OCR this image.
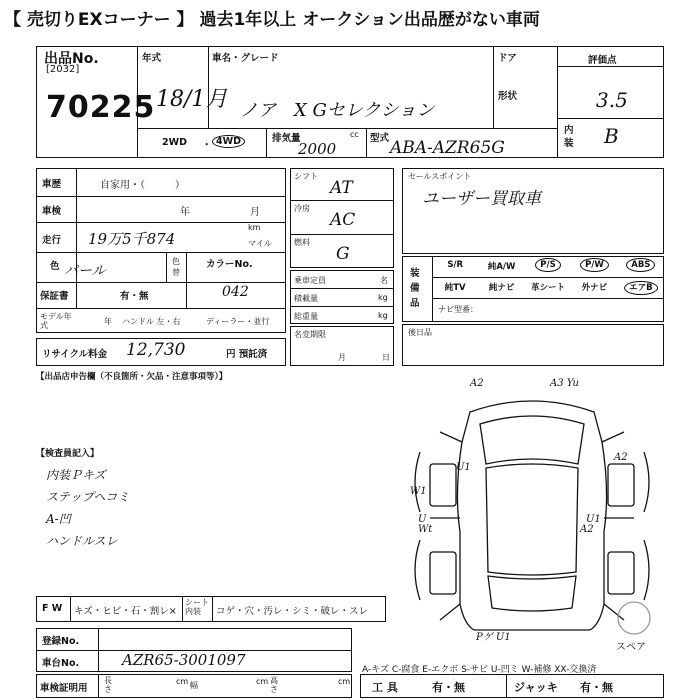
【 売切りEXコーナー 】 過去1年以上 オークション出品歴がない車両
出品No.
[2032]
70225
年式
18/1月
車名・グレード
ノア　X Gセレクション
ドア
形状
評価点
3.5
内装 B
2WD ・ 4WD	排気量	cc
2000
型式 ABA-AZR65G
車歴	自家用・（　　　）
車検	年	月
走行 19万5千874
km
マイル
色 パール
色替
カラーNo.
042
保証書	有・無
モデル年式	年 ハンドル 左・右	ディーラー・並行
シフト
AT
冷房
AC
燃料
G
乗車定員	名
積載量	kg
総重量	kg
名変期限
月	日
セールスポイント
ユーザー買取車
装備品
S/R	純A/W	P/S	P/W	ABS
純TV	純ナビ	革シート	外ナビ	エアB
ナビ型番：
後日品
リサイクル料金 12,730	円 預託済
【出品店申告欄（不良箇所・欠品・注意事項等）】
【検査員記入】
内装Ｐキズ
ステップヘコミ
A-凹
ハンドルスレ
A2	A3 Yu
U1
W1
U
A2
U1
A2
Wt
Pゲ U1
スペア
F W キズ・ヒビ・石・割レ×
シート内装	コゲ・穴・汚レ・シミ・破レ・スレ
登録No.
車台No.	AZR65-3001097
車検証明用
長さ
cm 幅	cm 高さ
cm
A-キズ C-腐食 E-エクボ S-サビ U-凹ミ W-補修 XX-交換済
工 具	有・無	ジャッキ 有・無
